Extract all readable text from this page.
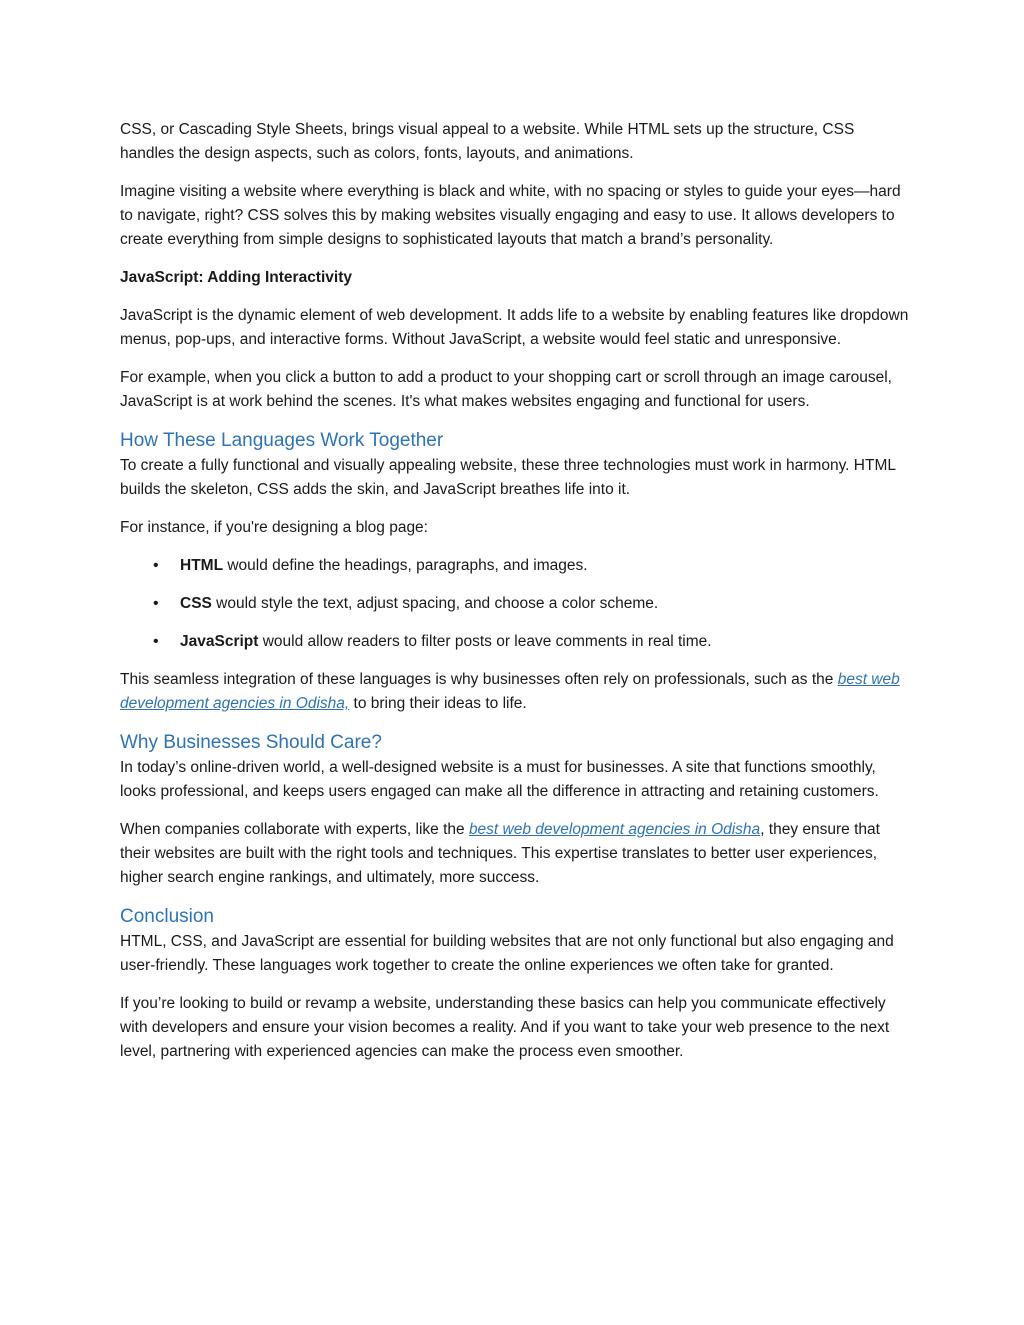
CSS, or Cascading Style Sheets, brings visual appeal to a website. While HTML sets up the structure, CSS handles the design aspects, such as colors, fonts, layouts, and animations.

Imagine visiting a website where everything is black and white, with no spacing or styles to guide your eyes—hard to navigate, right? CSS solves this by making websites visually engaging and easy to use. It allows developers to create everything from simple designs to sophisticated layouts that match a brand’s personality.

JavaScript: Adding Interactivity

JavaScript is the dynamic element of web development. It adds life to a website by enabling features like dropdown menus, pop-ups, and interactive forms. Without JavaScript, a website would feel static and unresponsive.

For example, when you click a button to add a product to your shopping cart or scroll through an image carousel, JavaScript is at work behind the scenes. It's what makes websites engaging and functional for users.

How These Languages Work Together

To create a fully functional and visually appealing website, these three technologies must work in harmony. HTML builds the skeleton, CSS adds the skin, and JavaScript breathes life into it.

For instance, if you're designing a blog page:

• HTML would define the headings, paragraphs, and images.
• CSS would style the text, adjust spacing, and choose a color scheme.
• JavaScript would allow readers to filter posts or leave comments in real time.

This seamless integration of these languages is why businesses often rely on professionals, such as the best web development agencies in Odisha, to bring their ideas to life.

Why Businesses Should Care?

In today’s online-driven world, a well-designed website is a must for businesses. A site that functions smoothly, looks professional, and keeps users engaged can make all the difference in attracting and retaining customers.

When companies collaborate with experts, like the best web development agencies in Odisha, they ensure that their websites are built with the right tools and techniques. This expertise translates to better user experiences, higher search engine rankings, and ultimately, more success.

Conclusion

HTML, CSS, and JavaScript are essential for building websites that are not only functional but also engaging and user-friendly. These languages work together to create the online experiences we often take for granted.

If you’re looking to build or revamp a website, understanding these basics can help you communicate effectively with developers and ensure your vision becomes a reality. And if you want to take your web presence to the next level, partnering with experienced agencies can make the process even smoother.
